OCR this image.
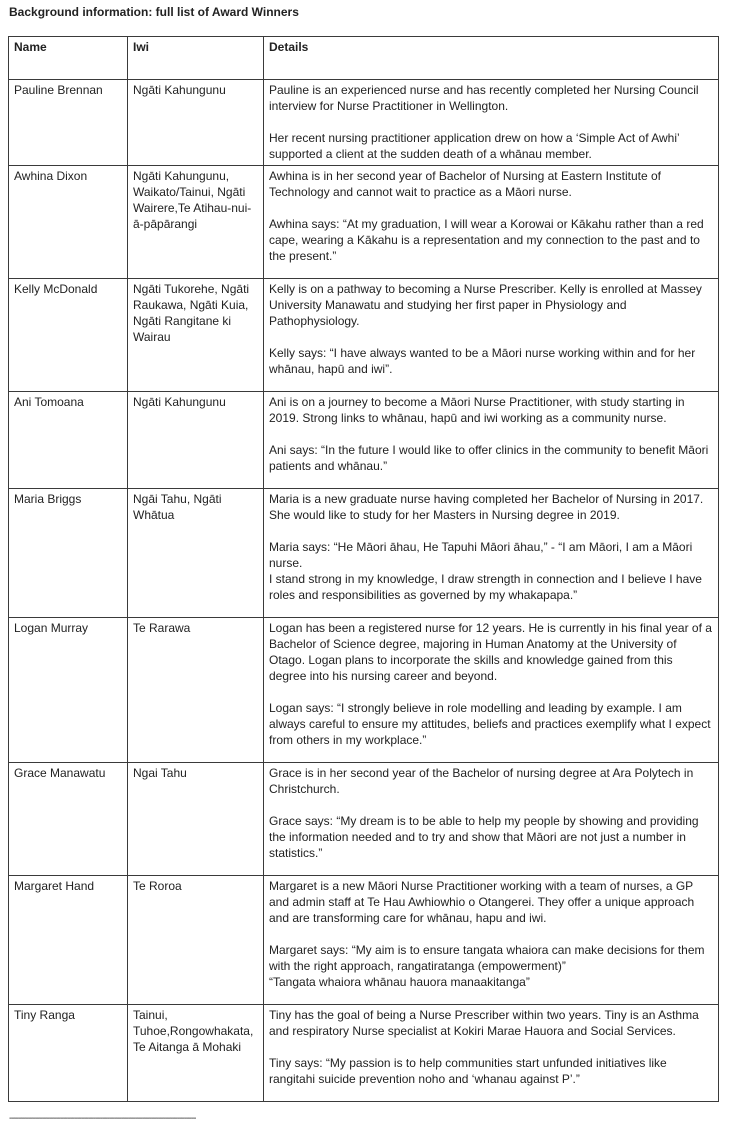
Background information: full list of Award Winners
Name	Iwi	Details
Pauline Brennan	Ngāti Kahungunu	Pauline is an experienced nurse and has recently completed her Nursing Council interview for Nurse Practitioner in Wellington.
Her recent nursing practitioner application drew on how a ‘Simple Act of Awhi’ supported a client at the sudden death of a whānau member.

Awhina Dixon	Ngāti Kahungunu, Waikato/Tainui, Ngāti Wairere,Te Atihau-nui-ā-pāpārangi	Awhina is in her second year of Bachelor of Nursing at Eastern Institute of Technology and cannot wait to practice as a Māori nurse.
Awhina says: “At my graduation, I will wear a Korowai or Kākahu rather than a red cape, wearing a Kākahu is a representation and my connection to the past and to the present.”

Kelly McDonald	Ngāti Tukorehe, Ngāti Raukawa, Ngāti Kuia, Ngāti Rangitane ki Wairau	Kelly is on a pathway to becoming a Nurse Prescriber. Kelly is enrolled at Massey University Manawatu and studying her first paper in Physiology and Pathophysiology.
Kelly says: “I have always wanted to be a Māori nurse working within and for her whānau, hapū and iwi”.

Ani Tomoana	Ngāti Kahungunu	Ani is on a journey to become a Māori Nurse Practitioner, with study starting in 2019. Strong links to whānau, hapū and iwi working as a community nurse.
Ani says: “In the future I would like to offer clinics in the community to benefit Māori patients and whānau.”

Maria Briggs	Ngāi Tahu, Ngāti Whātua	Maria is a new graduate nurse having completed her Bachelor of Nursing in 2017. She would like to study for her Masters in Nursing degree in 2019.
Maria says: “He Māori āhau, He Tapuhi Māori āhau,” - “I am Māori, I am a Māori nurse.
I stand strong in my knowledge, I draw strength in connection and I believe I have roles and responsibilities as governed by my whakapapa.”

Logan Murray	Te Rarawa	Logan has been a registered nurse for 12 years. He is currently in his final year of a Bachelor of Science degree, majoring in Human Anatomy at the University of Otago. Logan plans to incorporate the skills and knowledge gained from this degree into his nursing career and beyond.
Logan says: “I strongly believe in role modelling and leading by example. I am always careful to ensure my attitudes, beliefs and practices exemplify what I expect from others in my workplace.”

Grace Manawatu	Ngai Tahu	Grace is in her second year of the Bachelor of nursing degree at Ara Polytech in Christchurch.
Grace says: “My dream is to be able to help my people by showing and providing the information needed and to try and show that Māori are not just a number in statistics.”

Margaret Hand	Te Roroa	Margaret is a new Māori Nurse Practitioner working with a team of nurses, a GP and admin staff at Te Hau Awhiowhio o Otangerei. They offer a unique approach and are transforming care for whānau, hapu and iwi.
Margaret says: “My aim is to ensure tangata whaiora can make decisions for them with the right approach, rangatiratanga (empowerment)”
“Tangata whaiora whānau hauora manaakitanga”

Tiny Ranga	Tainui, Tuhoe,Rongowhakata, Te Aitanga ā Mohaki	Tiny has the goal of being a Nurse Prescriber within two years. Tiny is an Asthma and respiratory Nurse specialist at Kokiri Marae Hauora and Social Services.
Tiny says: “My passion is to help communities start unfunded initiatives like rangitahi suicide prevention noho and ‘whanau against P’.”
--------------------------------------------------------------------------------
